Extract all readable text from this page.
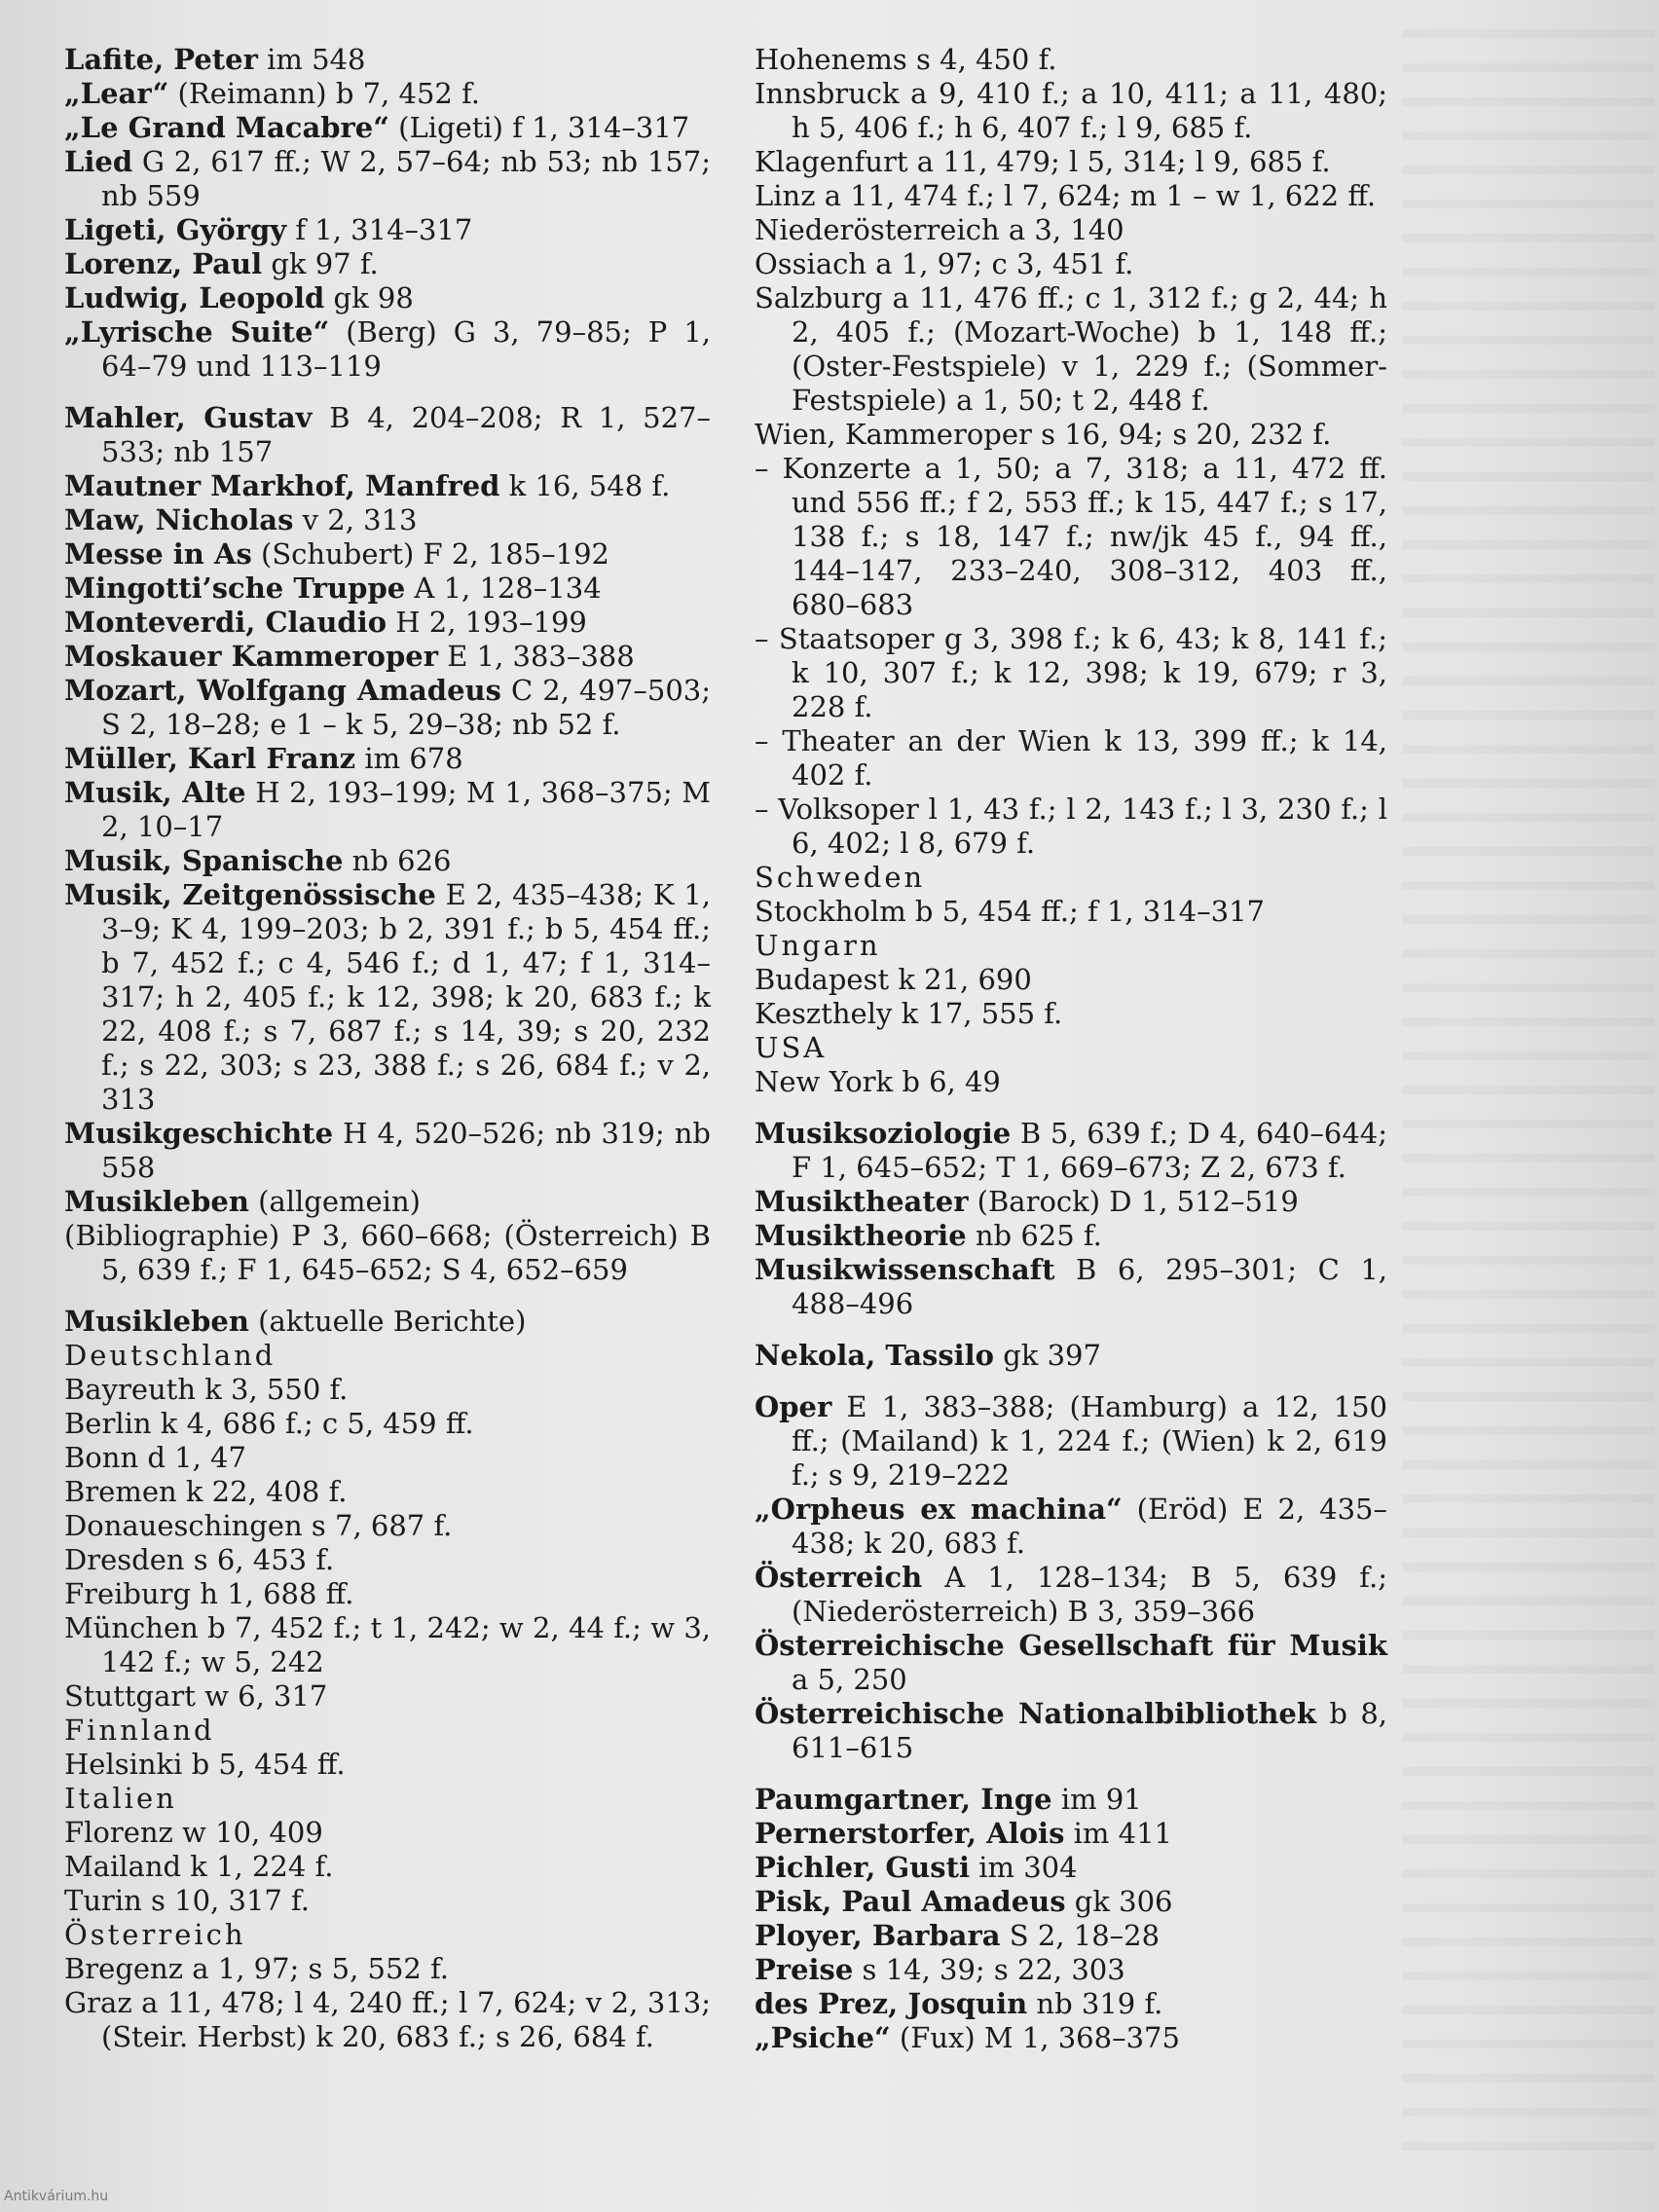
Lafite, Peter im 548

„Lear“ (Reimann) b 7, 452 f.

„Le Grand Macabre“ (Ligeti) f 1, 314–317

Lied G 2, 617 ff.; W 2, 57–64; nb 53; nb 157; nb 559

Ligeti, György f 1, 314–317

Lorenz, Paul gk 97 f.

Ludwig, Leopold gk 98

„Lyrische Suite“ (Berg) G 3, 79–85; P 1, 64–79 und 113–119

Mahler, Gustav B 4, 204–208; R 1, 527–533; nb 157

Mautner Markhof, Manfred k 16, 548 f.

Maw, Nicholas v 2, 313

Messe in As (Schubert) F 2, 185–192

Mingotti’sche Truppe A 1, 128–134

Monteverdi, Claudio H 2, 193–199

Moskauer Kammeroper E 1, 383–388

Mozart, Wolfgang Amadeus C 2, 497–503; S 2, 18–28; e 1 – k 5, 29–38; nb 52 f.

Müller, Karl Franz im 678

Musik, Alte H 2, 193–199; M 1, 368–375; M 2, 10–17

Musik, Spanische nb 626

Musik, Zeitgenössische E 2, 435–438; K 1, 3–9; K 4, 199–203; b 2, 391 f.; b 5, 454 ff.; b 7, 452 f.; c 4, 546 f.; d 1, 47; f 1, 314–317; h 2, 405 f.; k 12, 398; k 20, 683 f.; k 22, 408 f.; s 7, 687 f.; s 14, 39; s 20, 232 f.; s 22, 303; s 23, 388 f.; s 26, 684 f.; v 2, 313

Musikgeschichte H 4, 520–526; nb 319; nb 558

Musikleben (allgemein)

(Bibliographie) P 3, 660–668; (Österreich) B 5, 639 f.; F 1, 645–652; S 4, 652–659

Musikleben (aktuelle Berichte)

Deutschland

Bayreuth k 3, 550 f.

Berlin k 4, 686 f.; c 5, 459 ff.

Bonn d 1, 47

Bremen k 22, 408 f.

Donaueschingen s 7, 687 f.

Dresden s 6, 453 f.

Freiburg h 1, 688 ff.

München b 7, 452 f.; t 1, 242; w 2, 44 f.; w 3, 142 f.; w 5, 242

Stuttgart w 6, 317

Finnland

Helsinki b 5, 454 ff.

Italien

Florenz w 10, 409

Mailand k 1, 224 f.

Turin s 10, 317 f.

Österreich

Bregenz a 1, 97; s 5, 552 f.

Graz a 11, 478; l 4, 240 ff.; l 7, 624; v 2, 313; (Steir. Herbst) k 20, 683 f.; s 26, 684 f.

Hohenems s 4, 450 f.

Innsbruck a 9, 410 f.; a 10, 411; a 11, 480; h 5, 406 f.; h 6, 407 f.; l 9, 685 f.

Klagenfurt a 11, 479; l 5, 314; l 9, 685 f.

Linz a 11, 474 f.; l 7, 624; m 1 – w 1, 622 ff.

Niederösterreich a 3, 140

Ossiach a 1, 97; c 3, 451 f.

Salzburg a 11, 476 ff.; c 1, 312 f.; g 2, 44; h 2, 405 f.; (Mozart-Woche) b 1, 148 ff.; (Oster-Festspiele) v 1, 229 f.; (Sommer-Festspiele) a 1, 50; t 2, 448 f.

Wien, Kammeroper s 16, 94; s 20, 232 f.

– Konzerte a 1, 50; a 7, 318; a 11, 472 ff. und 556 ff.; f 2, 553 ff.; k 15, 447 f.; s 17, 138 f.; s 18, 147 f.; nw/jk 45 f., 94 ff., 144–147, 233–240, 308–312, 403 ff., 680–683

– Staatsoper g 3, 398 f.; k 6, 43; k 8, 141 f.; k 10, 307 f.; k 12, 398; k 19, 679; r 3, 228 f.

– Theater an der Wien k 13, 399 ff.; k 14, 402 f.

– Volksoper l 1, 43 f.; l 2, 143 f.; l 3, 230 f.; l 6, 402; l 8, 679 f.

Schweden

Stockholm b 5, 454 ff.; f 1, 314–317

Ungarn

Budapest k 21, 690

Keszthely k 17, 555 f.

USA

New York b 6, 49

Musiksoziologie B 5, 639 f.; D 4, 640–644; F 1, 645–652; T 1, 669–673; Z 2, 673 f.

Musiktheater (Barock) D 1, 512–519

Musiktheorie nb 625 f.

Musikwissenschaft B 6, 295–301; C 1, 488–496

Nekola, Tassilo gk 397

Oper E 1, 383–388; (Hamburg) a 12, 150 ff.; (Mailand) k 1, 224 f.; (Wien) k 2, 619 f.; s 9, 219–222

„Orpheus ex machina“ (Eröd) E 2, 435–438; k 20, 683 f.

Österreich A 1, 128–134; B 5, 639 f.; (Niederösterreich) B 3, 359–366

Österreichische Gesellschaft für Musik a 5, 250

Österreichische Nationalbibliothek b 8, 611–615

Paumgartner, Inge im 91

Pernerstorfer, Alois im 411

Pichler, Gusti im 304

Pisk, Paul Amadeus gk 306

Ployer, Barbara S 2, 18–28

Preise s 14, 39; s 22, 303

des Prez, Josquin nb 319 f.

„Psiche“ (Fux) M 1, 368–375

Antikvárium.hu
